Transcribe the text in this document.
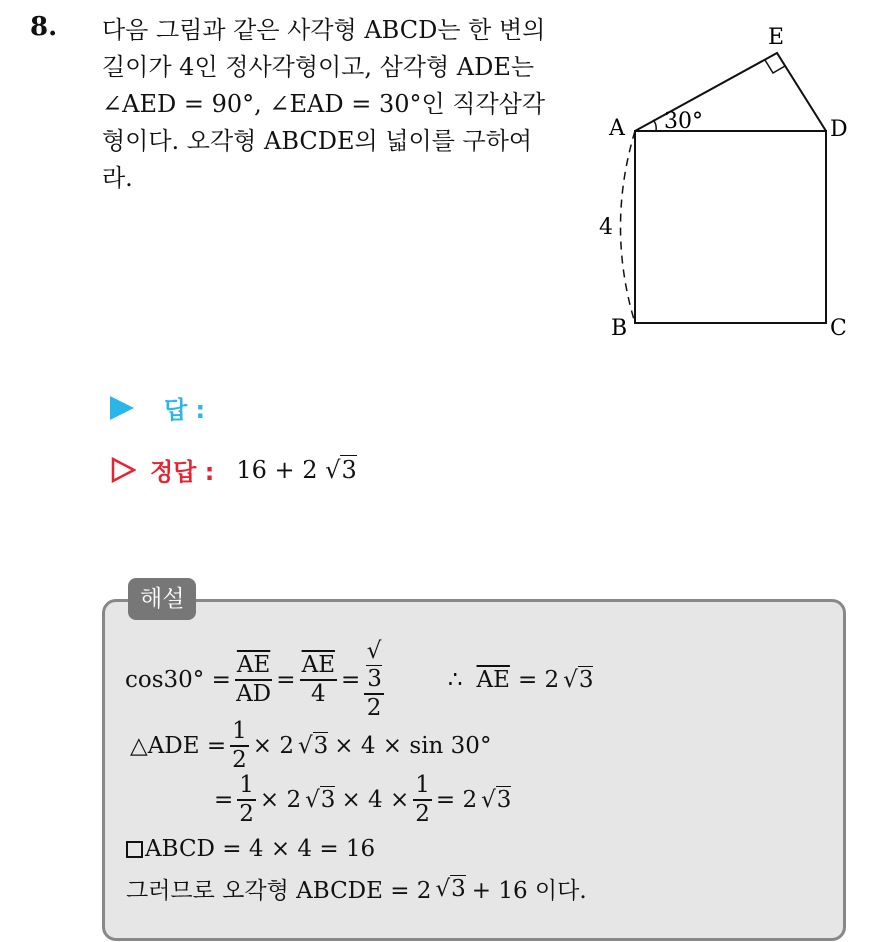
8. 다음 그림과 같은 사각형 ABCD는 한 변의
길이가 4인 정사각형이고, 삼각형 ADE는
∠AED = 90°, ∠EAD = 30°인 직각삼각
형이다. 오각형 ABCDE의 넓이를 구하여
라.
A
B	C
D
E
30°
4
답 :
정답 : 16 + 2 √3
해설
$\cos 30^\circ = \frac{\overline{AE}}{AD} = \frac{\overline{AE}}{4}$ = √
3
2	∴ $\overline{AE} = 2$ √3
△ADE = $\frac{1}{2} \times 2$ √3 × 4 × sin 30°
= $\frac{1}{2} \times 2$ $√3 \times 4 \times \frac{1}{2} = 2$ √3
ABCD = 4 × 4 = 16
그러므로 오각형 ABCDE = 2 √3 + 16 이다.
